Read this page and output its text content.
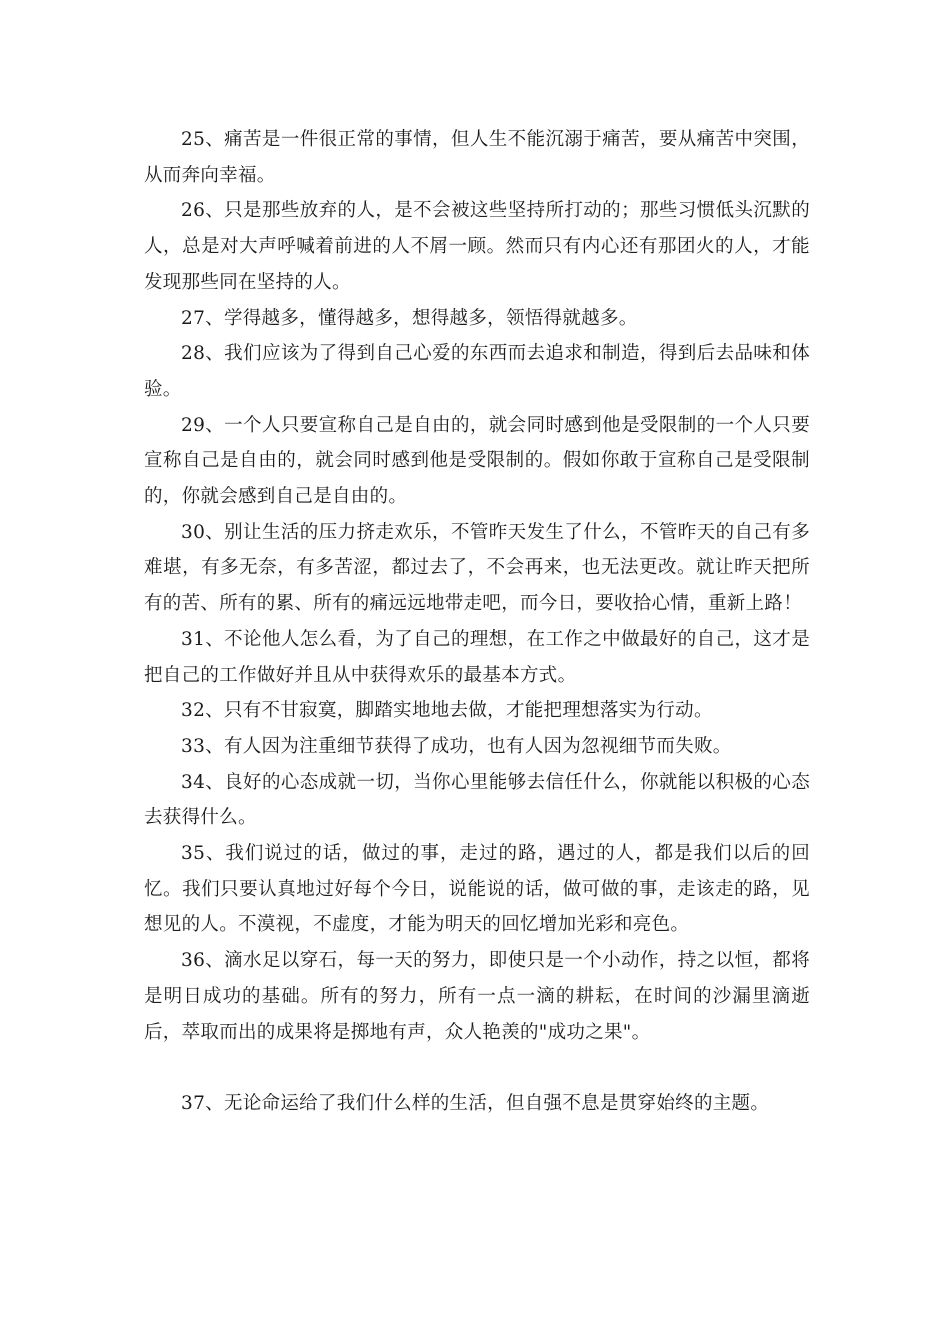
25、痛苦是一件很正常的事情，但人生不能沉溺于痛苦，要从痛苦中突围，从而奔向幸福。

26、只是那些放弃的人，是不会被这些坚持所打动的；那些习惯低头沉默的人，总是对大声呼喊着前进的人不屑一顾。然而只有内心还有那团火的人，才能发现那些同在坚持的人。

27、学得越多，懂得越多，想得越多，领悟得就越多。

28、我们应该为了得到自己心爱的东西而去追求和制造，得到后去品味和体验。

29、一个人只要宣称自己是自由的，就会同时感到他是受限制的一个人只要宣称自己是自由的，就会同时感到他是受限制的。假如你敢于宣称自己是受限制的，你就会感到自己是自由的。

30、别让生活的压力挤走欢乐，不管昨天发生了什么，不管昨天的自己有多难堪，有多无奈，有多苦涩，都过去了，不会再来，也无法更改。就让昨天把所有的苦、所有的累、所有的痛远远地带走吧，而今日，要收拾心情，重新上路！

31、不论他人怎么看，为了自己的理想，在工作之中做最好的自己，这才是把自己的工作做好并且从中获得欢乐的最基本方式。

32、只有不甘寂寞，脚踏实地地去做，才能把理想落实为行动。

33、有人因为注重细节获得了成功，也有人因为忽视细节而失败。

34、良好的心态成就一切，当你心里能够去信任什么，你就能以积极的心态去获得什么。

35、我们说过的话，做过的事，走过的路，遇过的人，都是我们以后的回忆。我们只要认真地过好每个今日，说能说的话，做可做的事，走该走的路，见想见的人。不漠视，不虚度，才能为明天的回忆增加光彩和亮色。

36、滴水足以穿石，每一天的努力，即使只是一个小动作，持之以恒，都将是明日成功的基础。所有的努力，所有一点一滴的耕耘，在时间的沙漏里滴逝后，萃取而出的成果将是掷地有声，众人艳羡的"成功之果"。

37、无论命运给了我们什么样的生活，但自强不息是贯穿始终的主题。
